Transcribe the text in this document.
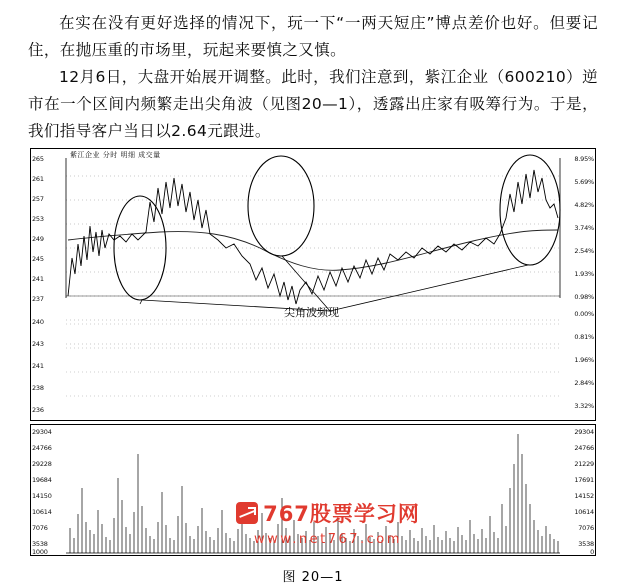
在实在没有更好选择的情况下，玩一下“一两天短庄”博点差价也好。但要记住，在抛压重的市场里，玩起来要慎之又慎。

12月6日，大盘开始展开调整。此时，我们注意到，紫江企业（600210）逆市在一个区间内频繁走出尖角波（见图20—1），透露出庄家有吸筹行为。于是，我们指导客户当日以2.64元跟进。

紫江企业 分时 明细 成交量
265
261
257
253
249
245
241
237
240
243
241
238
236
8.95%
5.69%
4.82%
3.74%
2.54%
1.93%
0.98%
0.00%
0.81%
1.96%
2.84%
3.32%
29304
24766
29228
19684
14150
10614
7076
3538
1000
29304
24766
21229
17691
14152
10614
7076
3538
0
尖角波频现
767股票学习网
www.net767.com
图 20—1
